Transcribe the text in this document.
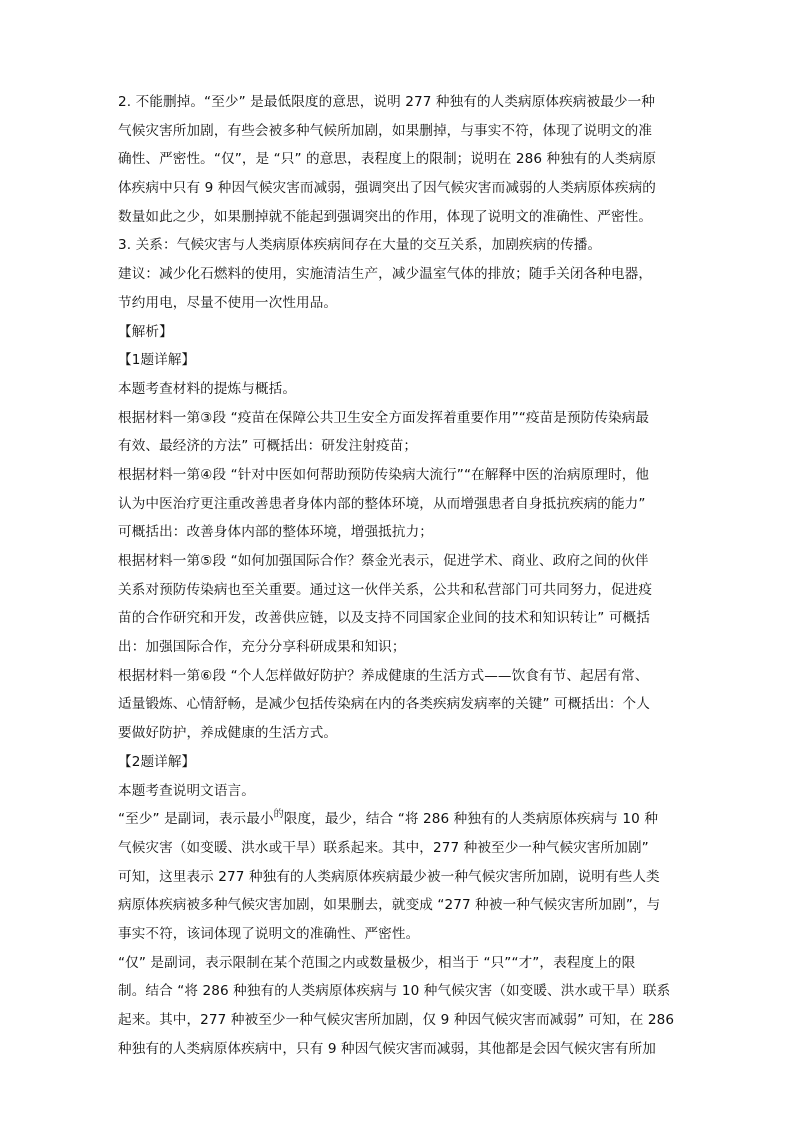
2. 不能删掉。“至少” 是最低限度的意思，说明 277 种独有的人类病原体疾病被最少一种
气候灾害所加剧，有些会被多种气候所加剧，如果删掉，与事实不符，体现了说明文的准
确性、严密性。“仅”，是 “只” 的意思，表程度上的限制；说明在 286 种独有的人类病原
体疾病中只有 9 种因气候灾害而减弱，强调突出了因气候灾害而减弱的人类病原体疾病的
数量如此之少，如果删掉就不能起到强调突出的作用，体现了说明文的准确性、严密性。
3. 关系：气候灾害与人类病原体疾病间存在大量的交互关系，加剧疾病的传播。
建议：减少化石燃料的使用，实施清洁生产，减少温室气体的排放；随手关闭各种电器，
节约用电，尽量不使用一次性用品。
【解析】
【1题详解】
本题考查材料的提炼与概括。
根据材料一第③段 “疫苗在保障公共卫生安全方面发挥着重要作用”“疫苗是预防传染病最
有效、最经济的方法” 可概括出：研发注射疫苗；
根据材料一第④段 “针对中医如何帮助预防传染病大流行”“在解释中医的治病原理时，他
认为中医治疗更注重改善患者身体内部的整体环境，从而增强患者自身抵抗疾病的能力”
可概括出：改善身体内部的整体环境，增强抵抗力；
根据材料一第⑤段 “如何加强国际合作？蔡金光表示，促进学术、商业、政府之间的伙伴
关系对预防传染病也至关重要。通过这一伙伴关系，公共和私营部门可共同努力，促进疫
苗的合作研究和开发，改善供应链，以及支持不同国家企业间的技术和知识转让” 可概括
出：加强国际合作，充分分享科研成果和知识；
根据材料一第⑥段 “个人怎样做好防护？养成健康的生活方式——饮食有节、起居有常、
适量锻炼、心情舒畅，是减少包括传染病在内的各类疾病发病率的关键” 可概括出：个人
要做好防护，养成健康的生活方式。
【2题详解】
本题考查说明文语言。
“至少” 是副词，表示最小的限度，最少，结合 “将 286 种独有的人类病原体疾病与 10 种
气候灾害（如变暖、洪水或干旱）联系起来。其中，277 种被至少一种气候灾害所加剧”
可知，这里表示 277 种独有的人类病原体疾病最少被一种气候灾害所加剧，说明有些人类
病原体疾病被多种气候灾害加剧，如果删去，就变成 “277 种被一种气候灾害所加剧”，与
事实不符，该词体现了说明文的准确性、严密性。
“仅” 是副词，表示限制在某个范围之内或数量极少，相当于 “只”“才”，表程度上的限
制。结合 “将 286 种独有的人类病原体疾病与 10 种气候灾害（如变暖、洪水或干旱）联系
起来。其中，277 种被至少一种气候灾害所加剧，仅 9 种因气候灾害而减弱” 可知，在 286
种独有的人类病原体疾病中，只有 9 种因气候灾害而减弱，其他都是会因气候灾害有所加
